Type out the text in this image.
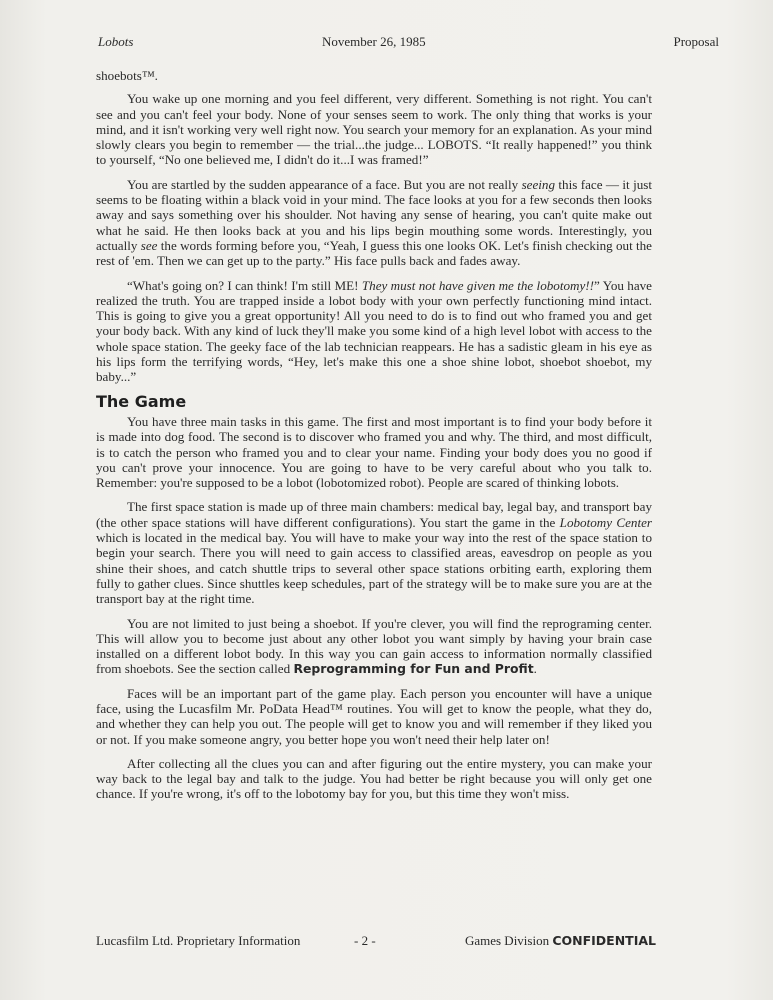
Lobots	November 26, 1985	Proposal

shoebots™.

You wake up one morning and you feel different, very different. Something is not right. You can't see and you can't feel your body. None of your senses seem to work. The only thing that works is your mind, and it isn't working very well right now. You search your memory for an explanation. As your mind slowly clears you begin to remember — the trial...the judge... LOBOTS. “It really happened!” you think to yourself, “No one believed me, I didn't do it...I was framed!”

You are startled by the sudden appearance of a face. But you are not really seeing this face — it just seems to be floating within a black void in your mind. The face looks at you for a few seconds then looks away and says something over his shoulder. Not having any sense of hearing, you can't quite make out what he said. He then looks back at you and his lips begin mouthing some words. Interestingly, you actually see the words forming before you, “Yeah, I guess this one looks OK. Let's finish checking out the rest of 'em. Then we can get up to the party.” His face pulls back and fades away.

“What's going on? I can think! I'm still ME! They must not have given me the lobotomy!!” You have realized the truth. You are trapped inside a lobot body with your own perfectly functioning mind intact. This is going to give you a great opportunity! All you need to do is to find out who framed you and get your body back. With any kind of luck they'll make you some kind of a high level lobot with access to the whole space station. The geeky face of the lab technician reappears. He has a sadistic gleam in his eye as his lips form the terrifying words, “Hey, let's make this one a shoe shine lobot, shoebot shoebot, my baby...”

The Game

You have three main tasks in this game. The first and most important is to find your body before it is made into dog food. The second is to discover who framed you and why. The third, and most difficult, is to catch the person who framed you and to clear your name. Finding your body does you no good if you can't prove your innocence. You are going to have to be very careful about who you talk to. Remember: you're supposed to be a lobot (lobotomized robot). People are scared of thinking lobots.

The first space station is made up of three main chambers: medical bay, legal bay, and transport bay (the other space stations will have different configurations). You start the game in the Lobotomy Center which is located in the medical bay. You will have to make your way into the rest of the space station to begin your search. There you will need to gain access to classified areas, eavesdrop on people as you shine their shoes, and catch shuttle trips to several other space stations orbiting earth, exploring them fully to gather clues. Since shuttles keep schedules, part of the strategy will be to make sure you are at the transport bay at the right time.

You are not limited to just being a shoebot. If you're clever, you will find the reprograming center. This will allow you to become just about any other lobot you want simply by having your brain case installed on a different lobot body. In this way you can gain access to information normally classified from shoebots. See the section called Reprogramming for Fun and Profit.

Faces will be an important part of the game play. Each person you encounter will have a unique face, using the Lucasfilm Mr. PoData Head™ routines. You will get to know the people, what they do, and whether they can help you out. The people will get to know you and will remember if they liked you or not. If you make someone angry, you better hope you won't need their help later on!

After collecting all the clues you can and after figuring out the entire mystery, you can make your way back to the legal bay and talk to the judge. You had better be right because you will only get one chance. If you're wrong, it's off to the lobotomy bay for you, but this time they won't miss.

Lucasfilm Ltd. Proprietary Information	- 2 -	Games Division CONFIDENTIAL
